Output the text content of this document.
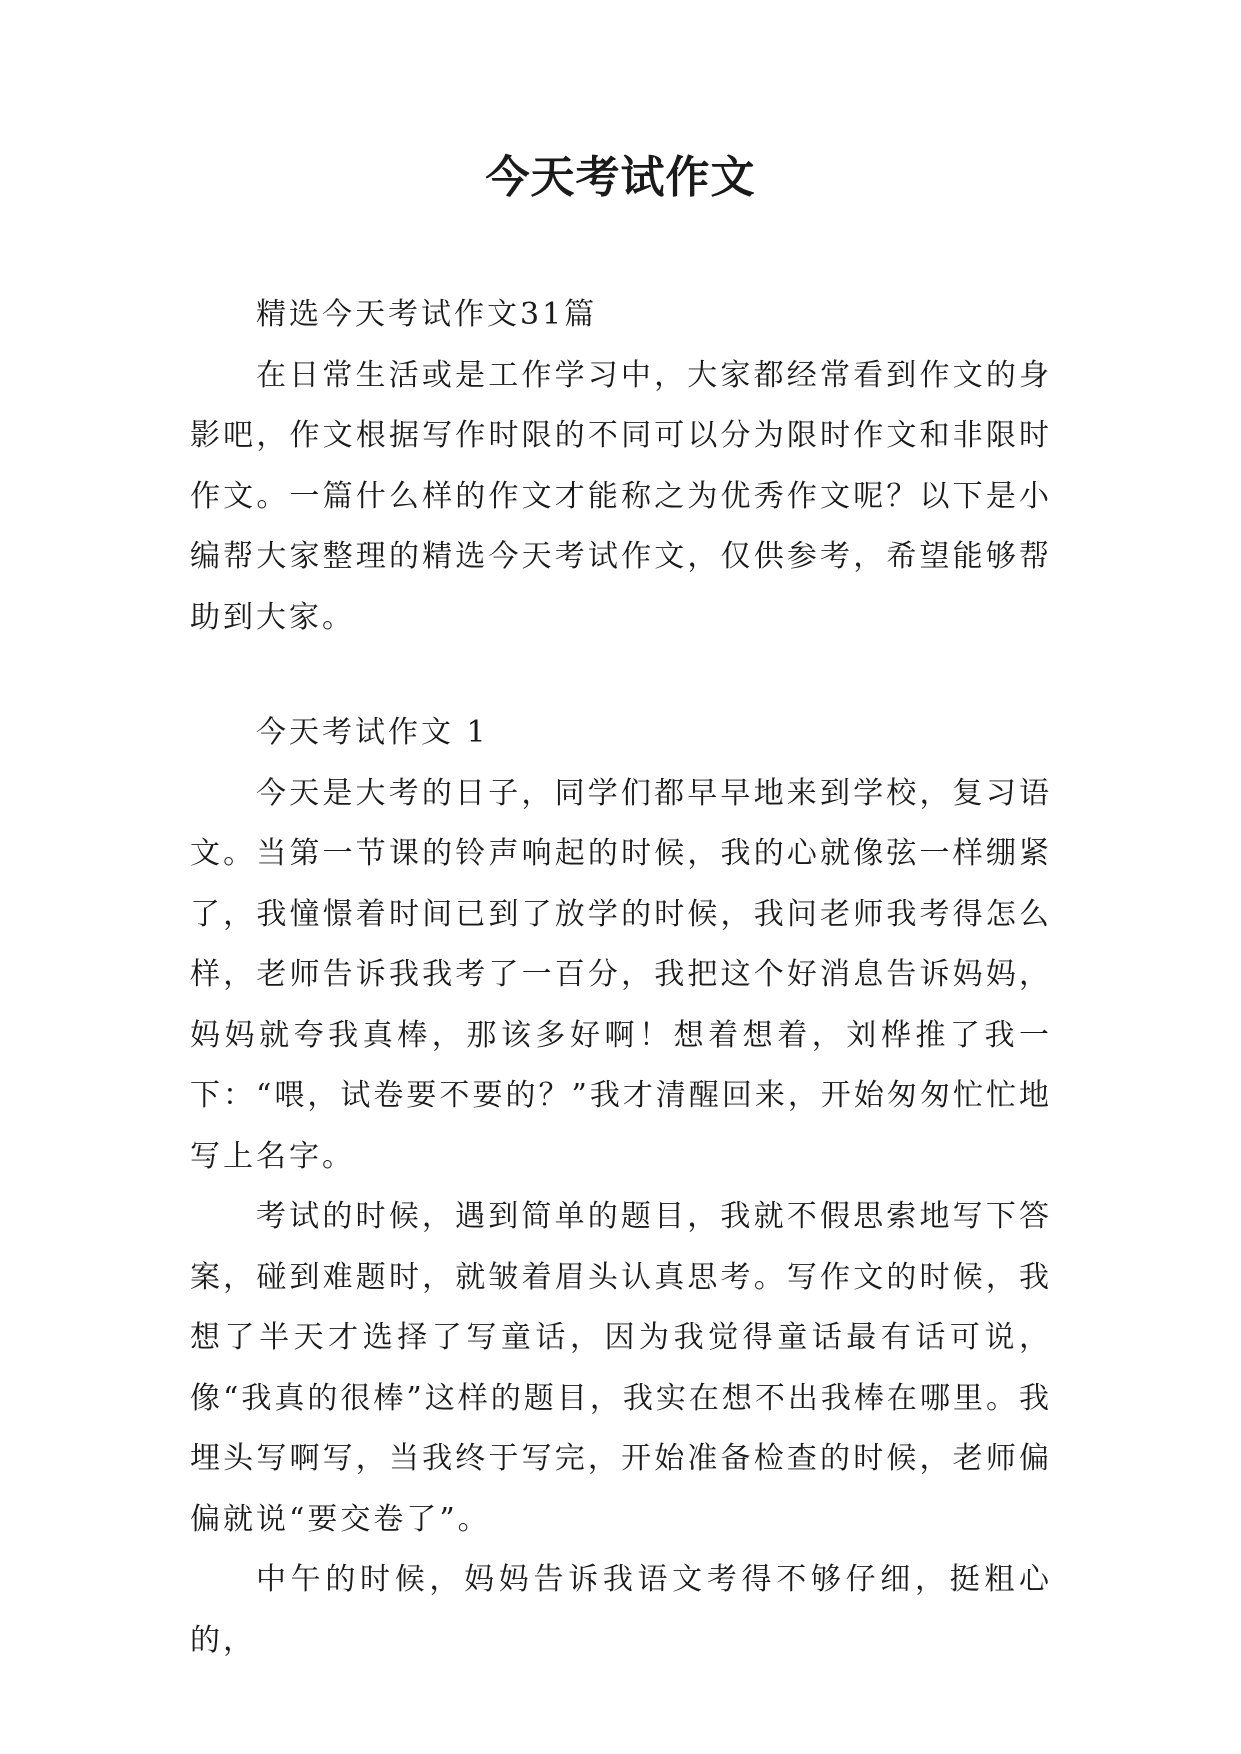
今天考试作文

精选今天考试作文31篇

在日常生活或是工作学习中，大家都经常看到作文的身影吧，作文根据写作时限的不同可以分为限时作文和非限时作文。一篇什么样的作文才能称之为优秀作文呢？以下是小编帮大家整理的精选今天考试作文，仅供参考，希望能够帮助到大家。

今天考试作文 1

今天是大考的日子，同学们都早早地来到学校，复习语文。当第一节课的铃声响起的时候，我的心就像弦一样绷紧了，我憧憬着时间已到了放学的时候，我问老师我考得怎么样，老师告诉我我考了一百分，我把这个好消息告诉妈妈，妈妈就夸我真棒，那该多好啊！想着想着，刘桦推了我一下：“喂，试卷要不要的？”我才清醒回来，开始匆匆忙忙地写上名字。

考试的时候，遇到简单的题目，我就不假思索地写下答案，碰到难题时，就皱着眉头认真思考。写作文的时候，我想了半天才选择了写童话，因为我觉得童话最有话可说，像“我真的很棒”这样的题目，我实在想不出我棒在哪里。我埋头写啊写，当我终于写完，开始准备检查的时候，老师偏偏就说“要交卷了”。

中午的时候，妈妈告诉我语文考得不够仔细，挺粗心的，
